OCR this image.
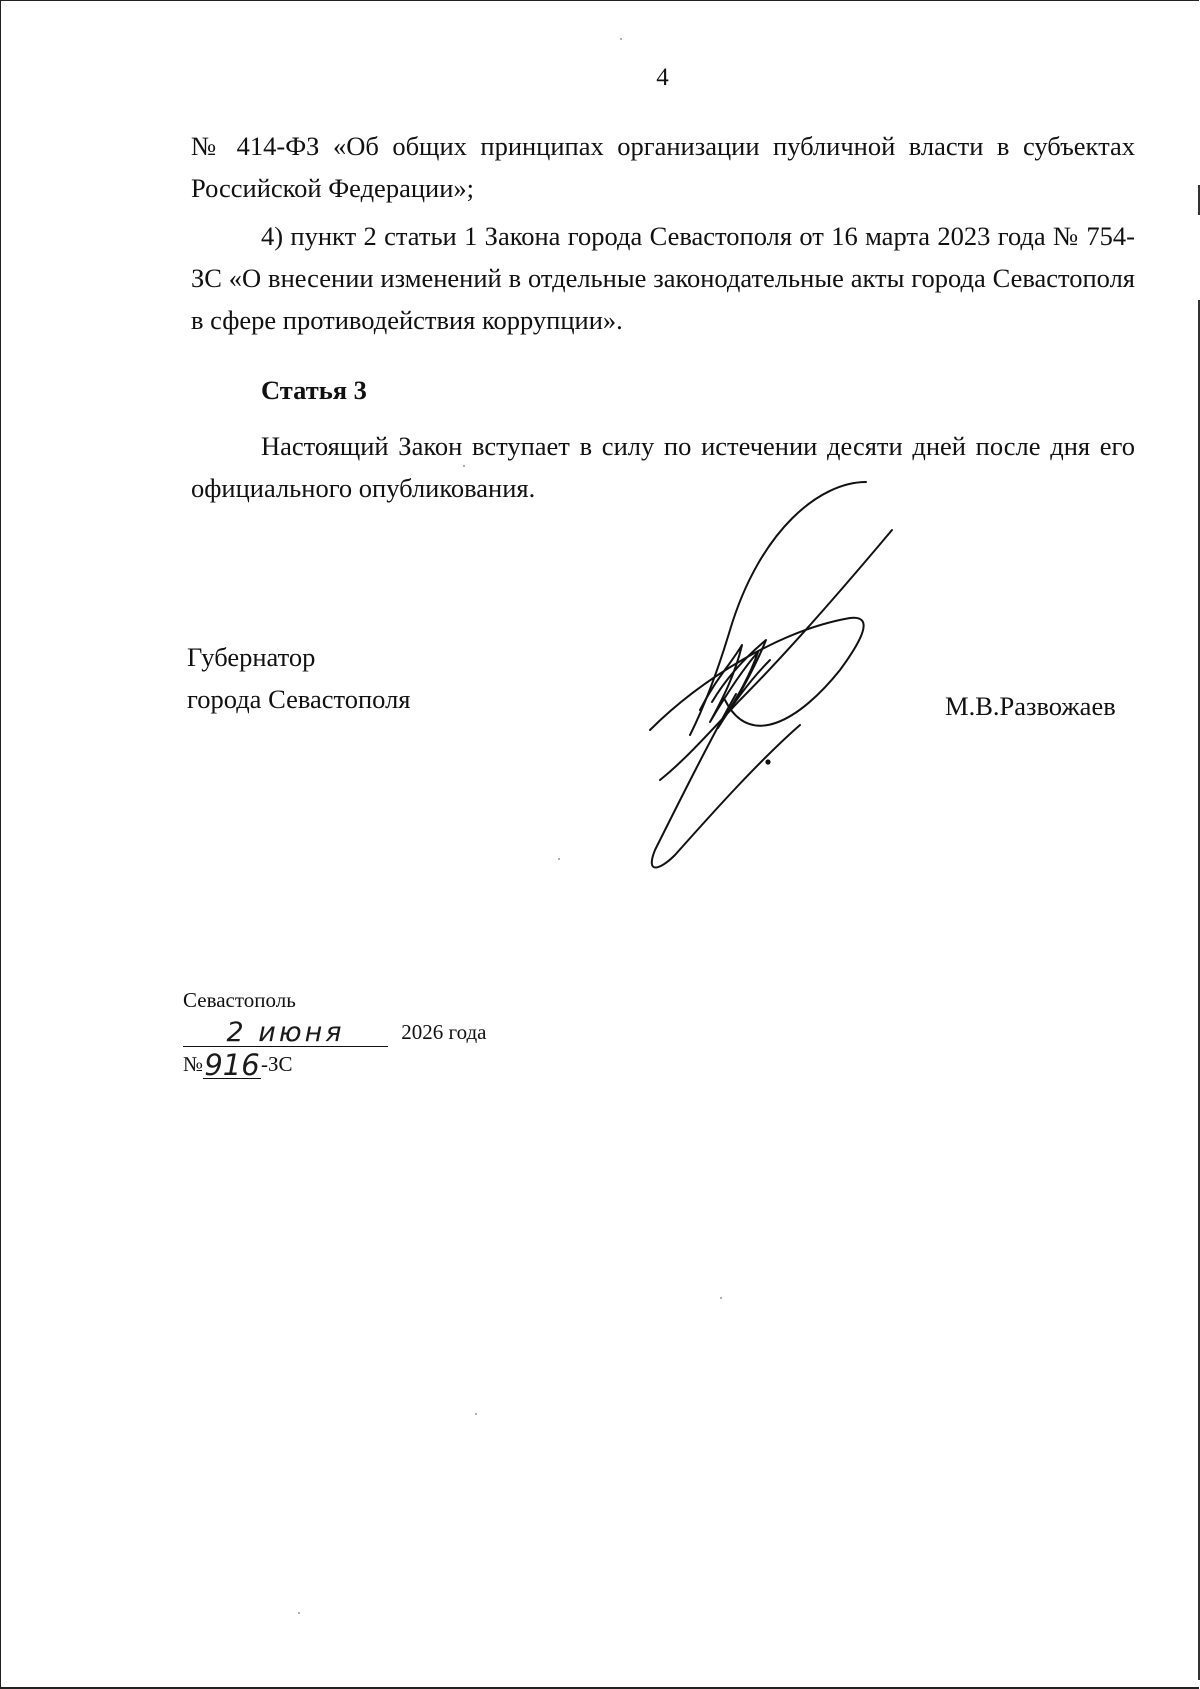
4

№ 414-ФЗ «Об общих принципах организации публичной власти в субъектах Российской Федерации»;

4) пункт 2 статьи 1 Закона города Севастополя от 16 марта 2023 года № 754-ЗС «О внесении изменений в отдельные законодательные акты города Севастополя в сфере противодействия коррупции».

Статья 3

Настоящий Закон вступает в силу по истечении десяти дней после дня его официального опубликования.

Губернатор
города Севастополя	М.В.Развожаев
Севастополь
2 июня	2026 года
№916-ЗС
